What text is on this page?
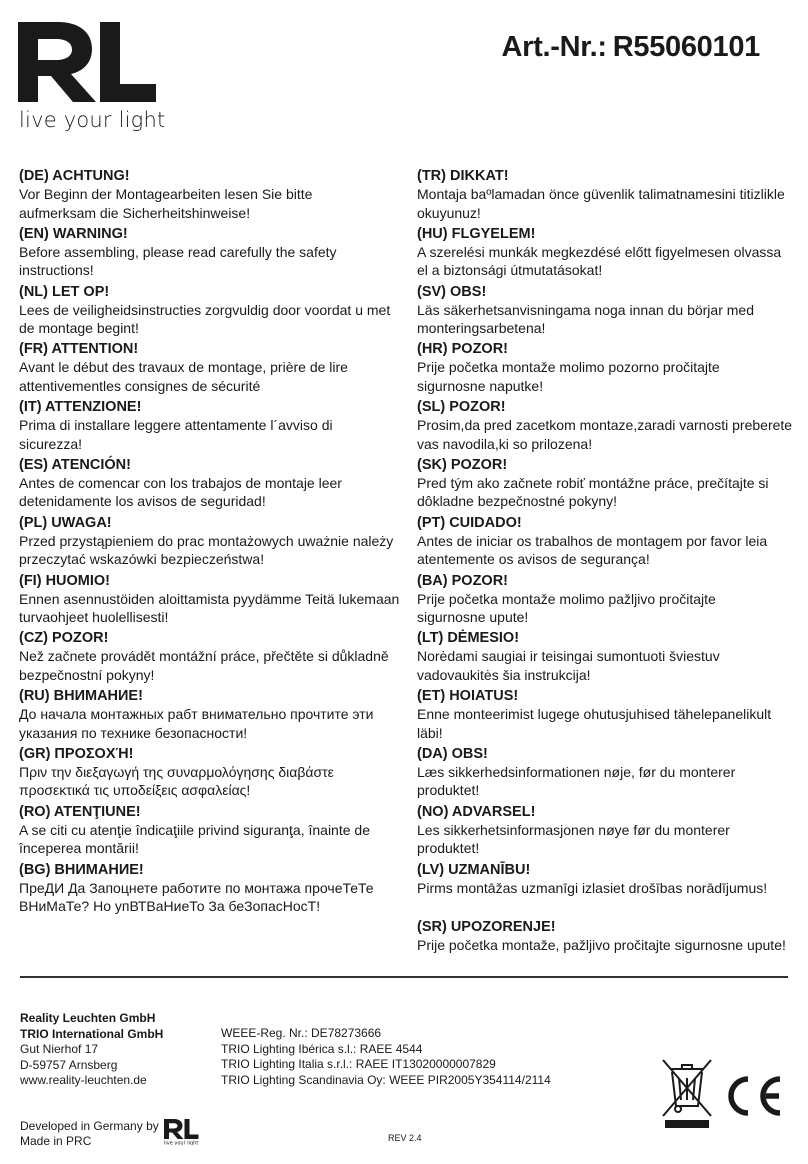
live your light
Art.-Nr.: R55060101
(DE) ACHTUNG!

Vor Beginn der Montagearbeiten lesen Sie bitte

aufmerksam die Sicherheitshinweise!

(EN) WARNING!

Before assembling, please read carefully the safety

instructions!

(NL) LET OP!

Lees de veiligheidsinstructies zorgvuldig door voordat u met

de montage begint!

(FR) ATTENTION!

Avant le début des travaux de montage, prière de lire

attentivementles consignes de sécurité

(IT) ATTENZIONE!

Prima di installare leggere attentamente l´avviso di

sicurezza!

(ES) ATENCIÓN!

Antes de comencar con los trabajos de montaje leer

detenidamente los avisos de seguridad!

(PL) UWAGA!

Przed przystąpieniem do prac montażowych uważnie należy

przeczytać wskazówki bezpieczeństwa!

(FI) HUOMIO!

Ennen asennustöiden aloittamista pyydämme Teitä lukemaan

turvaohjeet huolellisesti!

(CZ) POZOR!

Než začnete provádět montážní práce, přečtěte si důkladně

bezpečnostní pokyny!

(RU) ВНИМАНИЕ!

До начала монтажных рабт внимательно прочтите эти

указания по технике безопасности!

(GR) ΠΡΟΣΟΧΉ!

Πριν την διεξαγωγή της συναρμολόγησης διαβάστε

προσεκτικά τις υποδείξεις ασφαλείας!

(RO) ATENŢIUNE!

A se citi cu atenţie îndicaţiile privind siguranţa, înainte de

începerea montării!

(BG) ВНИМАНИЕ!

ПреДИ Да Запоцнете работите по монтажа прочеТеТе

ВНиМаТе? Но упВТВаНиеТо За беЗопасНосТ!

(TR) DIKKAT!

Montaja baºlamadan önce güvenlik talimatnamesini titizlikle

okuyunuz!

(HU) FLGYELEM!

A szerelési munkák megkezdésé előtt figyelmesen olvassa

el a biztonsági útmutatásokat!

(SV) OBS!

Läs säkerhetsanvisningama noga innan du börjar med

monteringsarbetena!

(HR) POZOR!

Prije početka montaže molimo pozorno pročitajte

sigurnosne naputke!

(SL) POZOR!

Prosim,da pred zacetkom montaze,zaradi varnosti preberete

vas navodila,ki so prilozena!

(SK) POZOR!

Pred tým ako začnete robiť montážne práce, prečítajte si

dôkladne bezpečnostné pokyny!

(PT) CUIDADO!

Antes de iniciar os trabalhos de montagem por favor leia

atentemente os avisos de segurança!

(BA) POZOR!

Prije početka montaže molimo pažljivo pročitajte

sigurnosne upute!

(LT) DĖMESIO!

Norėdami saugiai ir teisingai sumontuoti šviestuv

vadovaukitės šia instrukcija!

(ET) HOIATUS!

Enne monteerimist lugege ohutusjuhised tähelepanelikult

läbi!

(DA) OBS!

Læs sikkerhedsinformationen nøje, før du monterer

produktet!

(NO) ADVARSEL!

Les sikkerhetsinformasjonen nøye før du monterer

produktet!

(LV) UZMANĪBU!

Pirms montāžas uzmanīgi izlasiet drošības norādījumus!

(SR) UPOZORENJE!

Prije početka montaže, pažljivo pročitajte sigurnosne upute!

Reality Leuchten GmbH
TRIO International GmbH
Gut Nierhof 17
D-59757 Arnsberg
www.reality-leuchten.de
WEEE-Reg. Nr.: DE78273666
TRIO Lighting Ibérica s.l.: RAEE 4544
TRIO Lighting Italia s.r.l.: RAEE IT13020000007829
TRIO Lighting Scandinavia Oy: WEEE PIR2005Y354114/2114
Developed in Germany by
Made in PRC	live your light
REV 2.4
